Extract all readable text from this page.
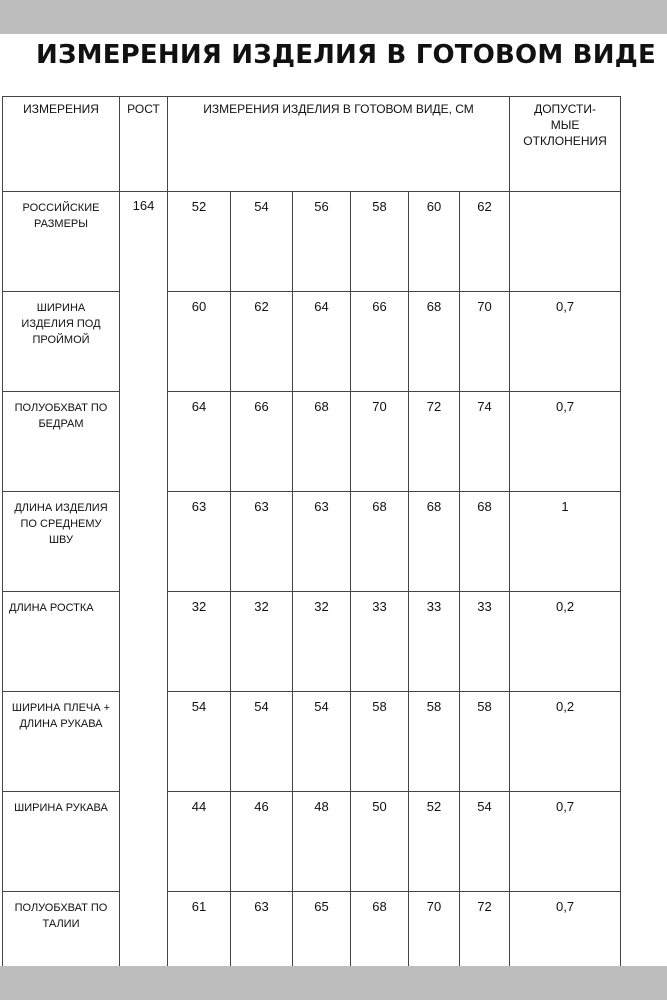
ИЗМЕРЕНИЯ ИЗДЕЛИЯ В ГОТОВОМ ВИДЕ
ИЗМЕРЕНИЯ	РОСТ	ИЗМЕРЕНИЯ ИЗДЕЛИЯ В ГОТОВОМ ВИДЕ, СМ						ДОПУСТИ-
МЫЕ
ОТКЛОНЕНИЯ

РОССИЙСКИЕ
РАЗМЕРЫ	164	52	54	56	58	60	62	

ШИРИНА
ИЗДЕЛИЯ ПОД
ПРОЙМОЙ		60	62	64	66	68	70	0,7

ПОЛУОБХВАТ ПО
БЕДРАМ		64	66	68	70	72	74	0,7

ДЛИНА ИЗДЕЛИЯ
ПО СРЕДНЕМУ
ШВУ		63	63	63	68	68	68	1

ДЛИНА РОСТКА		32	32	32	33	33	33	0,2

ШИРИНА ПЛЕЧА +
ДЛИНА РУКАВА		54	54	54	58	58	58	0,2

ШИРИНА РУКАВА		44	46	48	50	52	54	0,7

ПОЛУОБХВАТ ПО
ТАЛИИ		61	63	65	68	70	72	0,7
